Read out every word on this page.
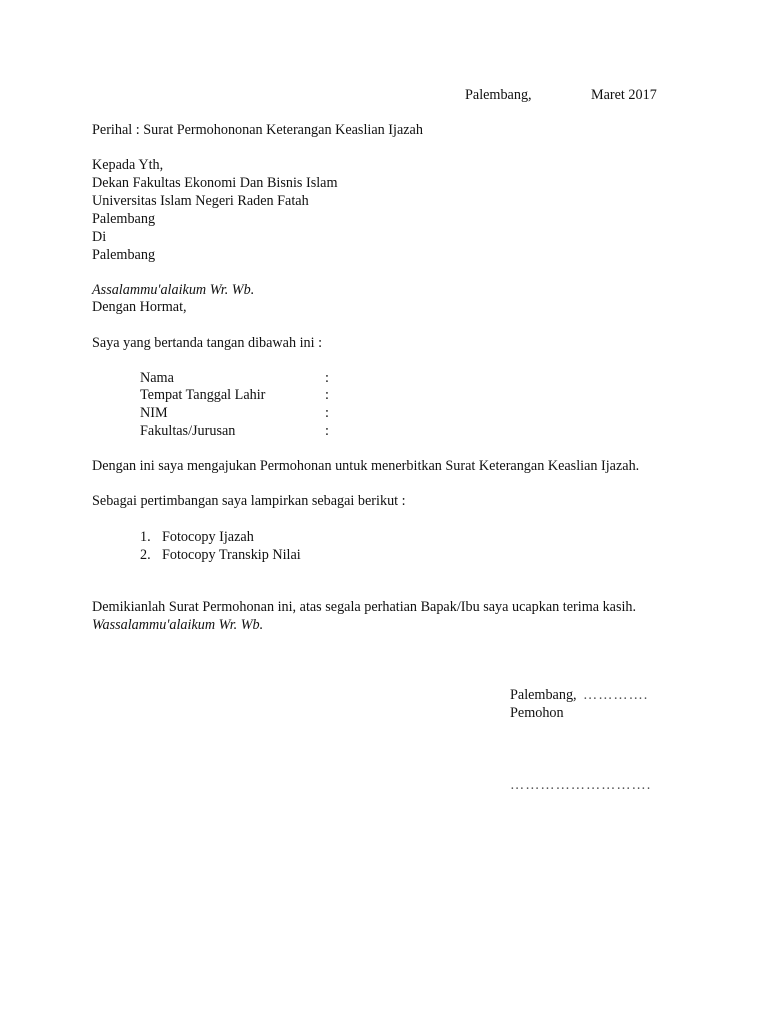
Palembang,	Maret 2017
Perihal : Surat Permohononan Keterangan Keaslian Ijazah
Kepada Yth,
Dekan Fakultas Ekonomi Dan Bisnis Islam
Universitas Islam Negeri Raden Fatah
Palembang
Di
Palembang
Assalammu'alaikum Wr. Wb.
Dengan Hormat,
Saya yang bertanda tangan dibawah ini :
Nama	:
Tempat Tanggal Lahir	:
NIM	:
Fakultas/Jurusan	:
Dengan ini saya mengajukan Permohonan untuk menerbitkan Surat Keterangan Keaslian Ijazah.
Sebagai pertimbangan saya lampirkan sebagai berikut :
1. Fotocopy Ijazah
2. Fotocopy Transkip Nilai
Demikianlah Surat Permohonan ini, atas segala perhatian Bapak/Ibu saya ucapkan terima kasih.
Wassalammu'alaikum Wr. Wb.
Palembang, ………….
Pemohon
……………………….
